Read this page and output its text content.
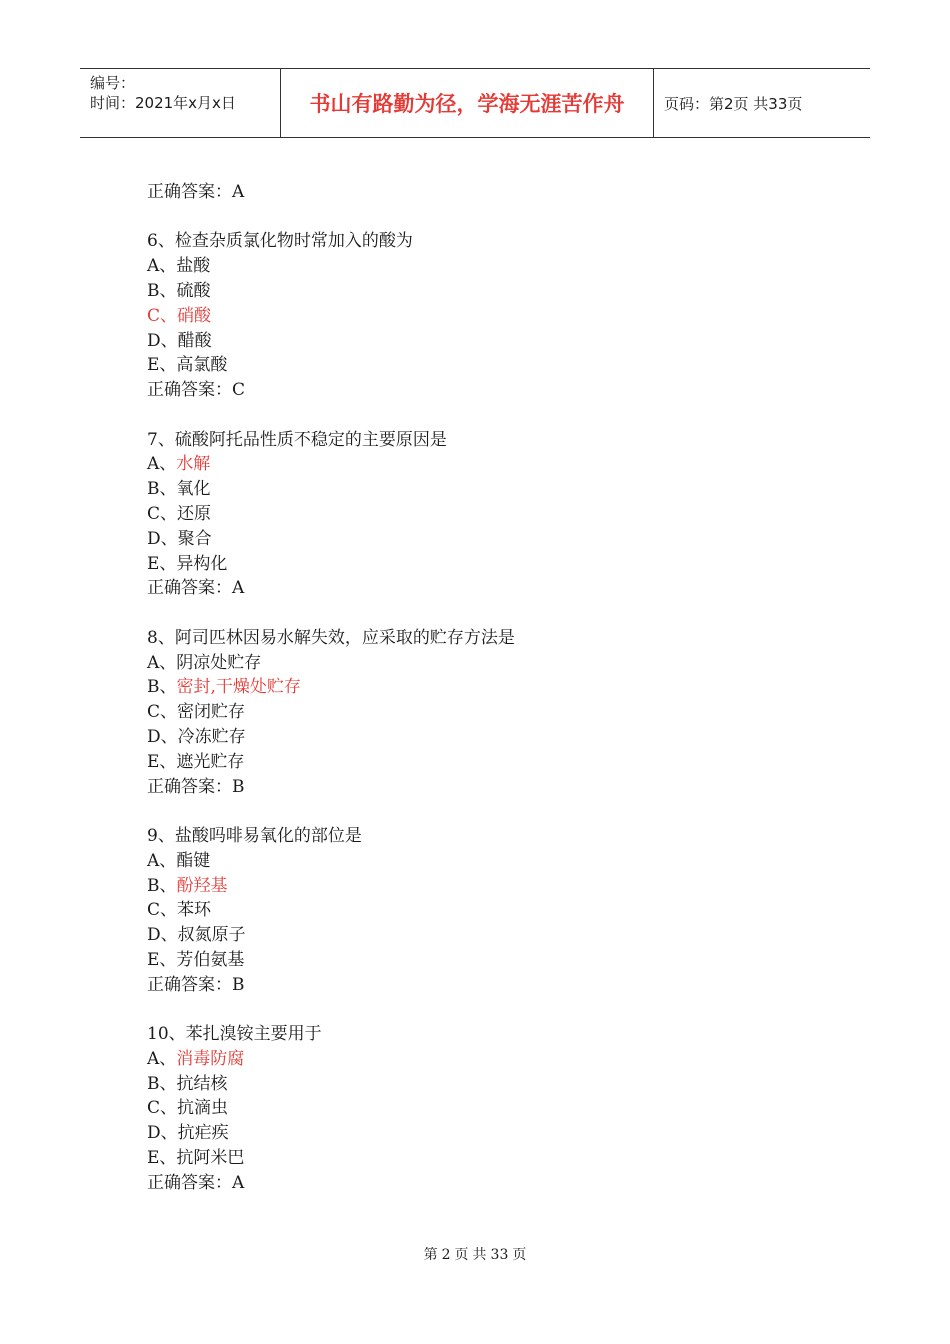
编号：
时间：2021年x月x日	书山有路勤为径，学海无涯苦作舟	页码：第2页 共33页
正确答案：A
6、检查杂质氯化物时常加入的酸为
A、盐酸
B、硫酸
C、硝酸
D、醋酸
E、高氯酸
正确答案：C
7、硫酸阿托品性质不稳定的主要原因是
A、水解
B、氧化
C、还原
D、聚合
E、异构化
正确答案：A
8、阿司匹林因易水解失效，应采取的贮存方法是
A、阴凉处贮存
B、密封,干燥处贮存
C、密闭贮存
D、冷冻贮存
E、遮光贮存
正确答案：B
9、盐酸吗啡易氧化的部位是
A、酯键
B、酚羟基
C、苯环
D、叔氮原子
E、芳伯氨基
正确答案：B
10、苯扎溴铵主要用于
A、消毒防腐
B、抗结核
C、抗滴虫
D、抗疟疾
E、抗阿米巴
正确答案：A
第 2 页 共 33 页
